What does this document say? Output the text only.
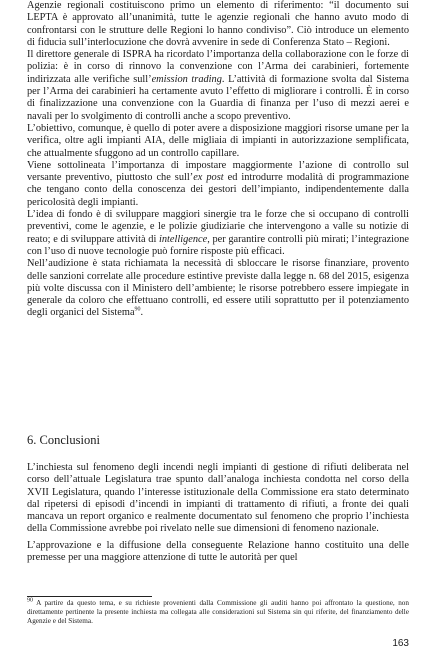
Agenzie regionali costituiscono primo un elemento di riferimento: “il documento sui LEPTA è approvato all’unanimità, tutte le agenzie regionali che hanno avuto modo di confrontarsi con le strutture delle Regioni lo hanno condiviso”. Ciò introduce un elemento di fiducia sull’interlocuzione che dovrà avvenire in sede di Conferenza Stato – Regioni.

Il direttore generale di ISPRA ha ricordato l’importanza della collaborazione con le forze di polizia: è in corso di rinnovo la convenzione con l’Arma dei carabinieri, fortemente indirizzata alle verifiche sull’emission trading. L’attività di formazione svolta dal Sistema per l’Arma dei carabinieri ha certamente avuto l’effetto di migliorare i controlli. È in corso di finalizzazione una convenzione con la Guardia di finanza per l’uso di mezzi aerei e navali per lo svolgimento di controlli anche a scopo preventivo.

L’obiettivo, comunque, è quello di poter avere a disposizione maggiori risorse umane per la verifica, oltre agli impianti AIA, delle migliaia di impianti in autorizzazione semplificata, che attualmente sfuggono ad un controllo capillare.

Viene sottolineata l’importanza di impostare maggiormente l’azione di controllo sul versante preventivo, piuttosto che sull’ex post ed introdurre modalità di programmazione che tengano conto della conoscenza dei gestori dell’impianto, indipendentemente dalla pericolosità degli impianti.

L’idea di fondo è di sviluppare maggiori sinergie tra le forze che si occupano di controlli preventivi, come le agenzie, e le polizie giudiziarie che intervengono a valle su notizie di reato; e di sviluppare attività di intelligence, per garantire controlli più mirati; l’integrazione con l’uso di nuove tecnologie può fornire risposte più efficaci.

Nell’audizione è stata richiamata la necessità di sbloccare le risorse finanziare, provento delle sanzioni correlate alle procedure estintive previste dalla legge n. 68 del 2015, esigenza più volte discussa con il Ministero dell’ambiente; le risorse potrebbero essere impiegate in generale da coloro che effettuano controlli, ed essere utili soprattutto per il potenziamento degli organici del Sistema$^{90}$.

6. Conclusioni

L’inchiesta sul fenomeno degli incendi negli impianti di gestione di rifiuti deliberata nel corso dell’attuale Legislatura trae spunto dall’analoga inchiesta condotta nel corso della XVII Legislatura, quando l’interesse istituzionale della Commissione era stato determinato dal ripetersi di episodi d’incendi in impianti di trattamento di rifiuti, a fronte dei quali mancava un report organico e realmente documentato sul fenomeno che proprio l’inchiesta della Commissione avrebbe poi rivelato nelle sue dimensioni di fenomeno nazionale.

L’approvazione e la diffusione della conseguente Relazione hanno costituito una delle premesse per una maggiore attenzione di tutte le autorità per quel

$^{90}$ A partire da questo tema, e su richieste provenienti dalla Commissione gli auditi hanno poi affrontato la questione, non direttamente pertinente la presente inchiesta ma collegata alle considerazioni sul Sistema sin qui riferite, del finanziamento delle Agenzie e del Sistema.

163
